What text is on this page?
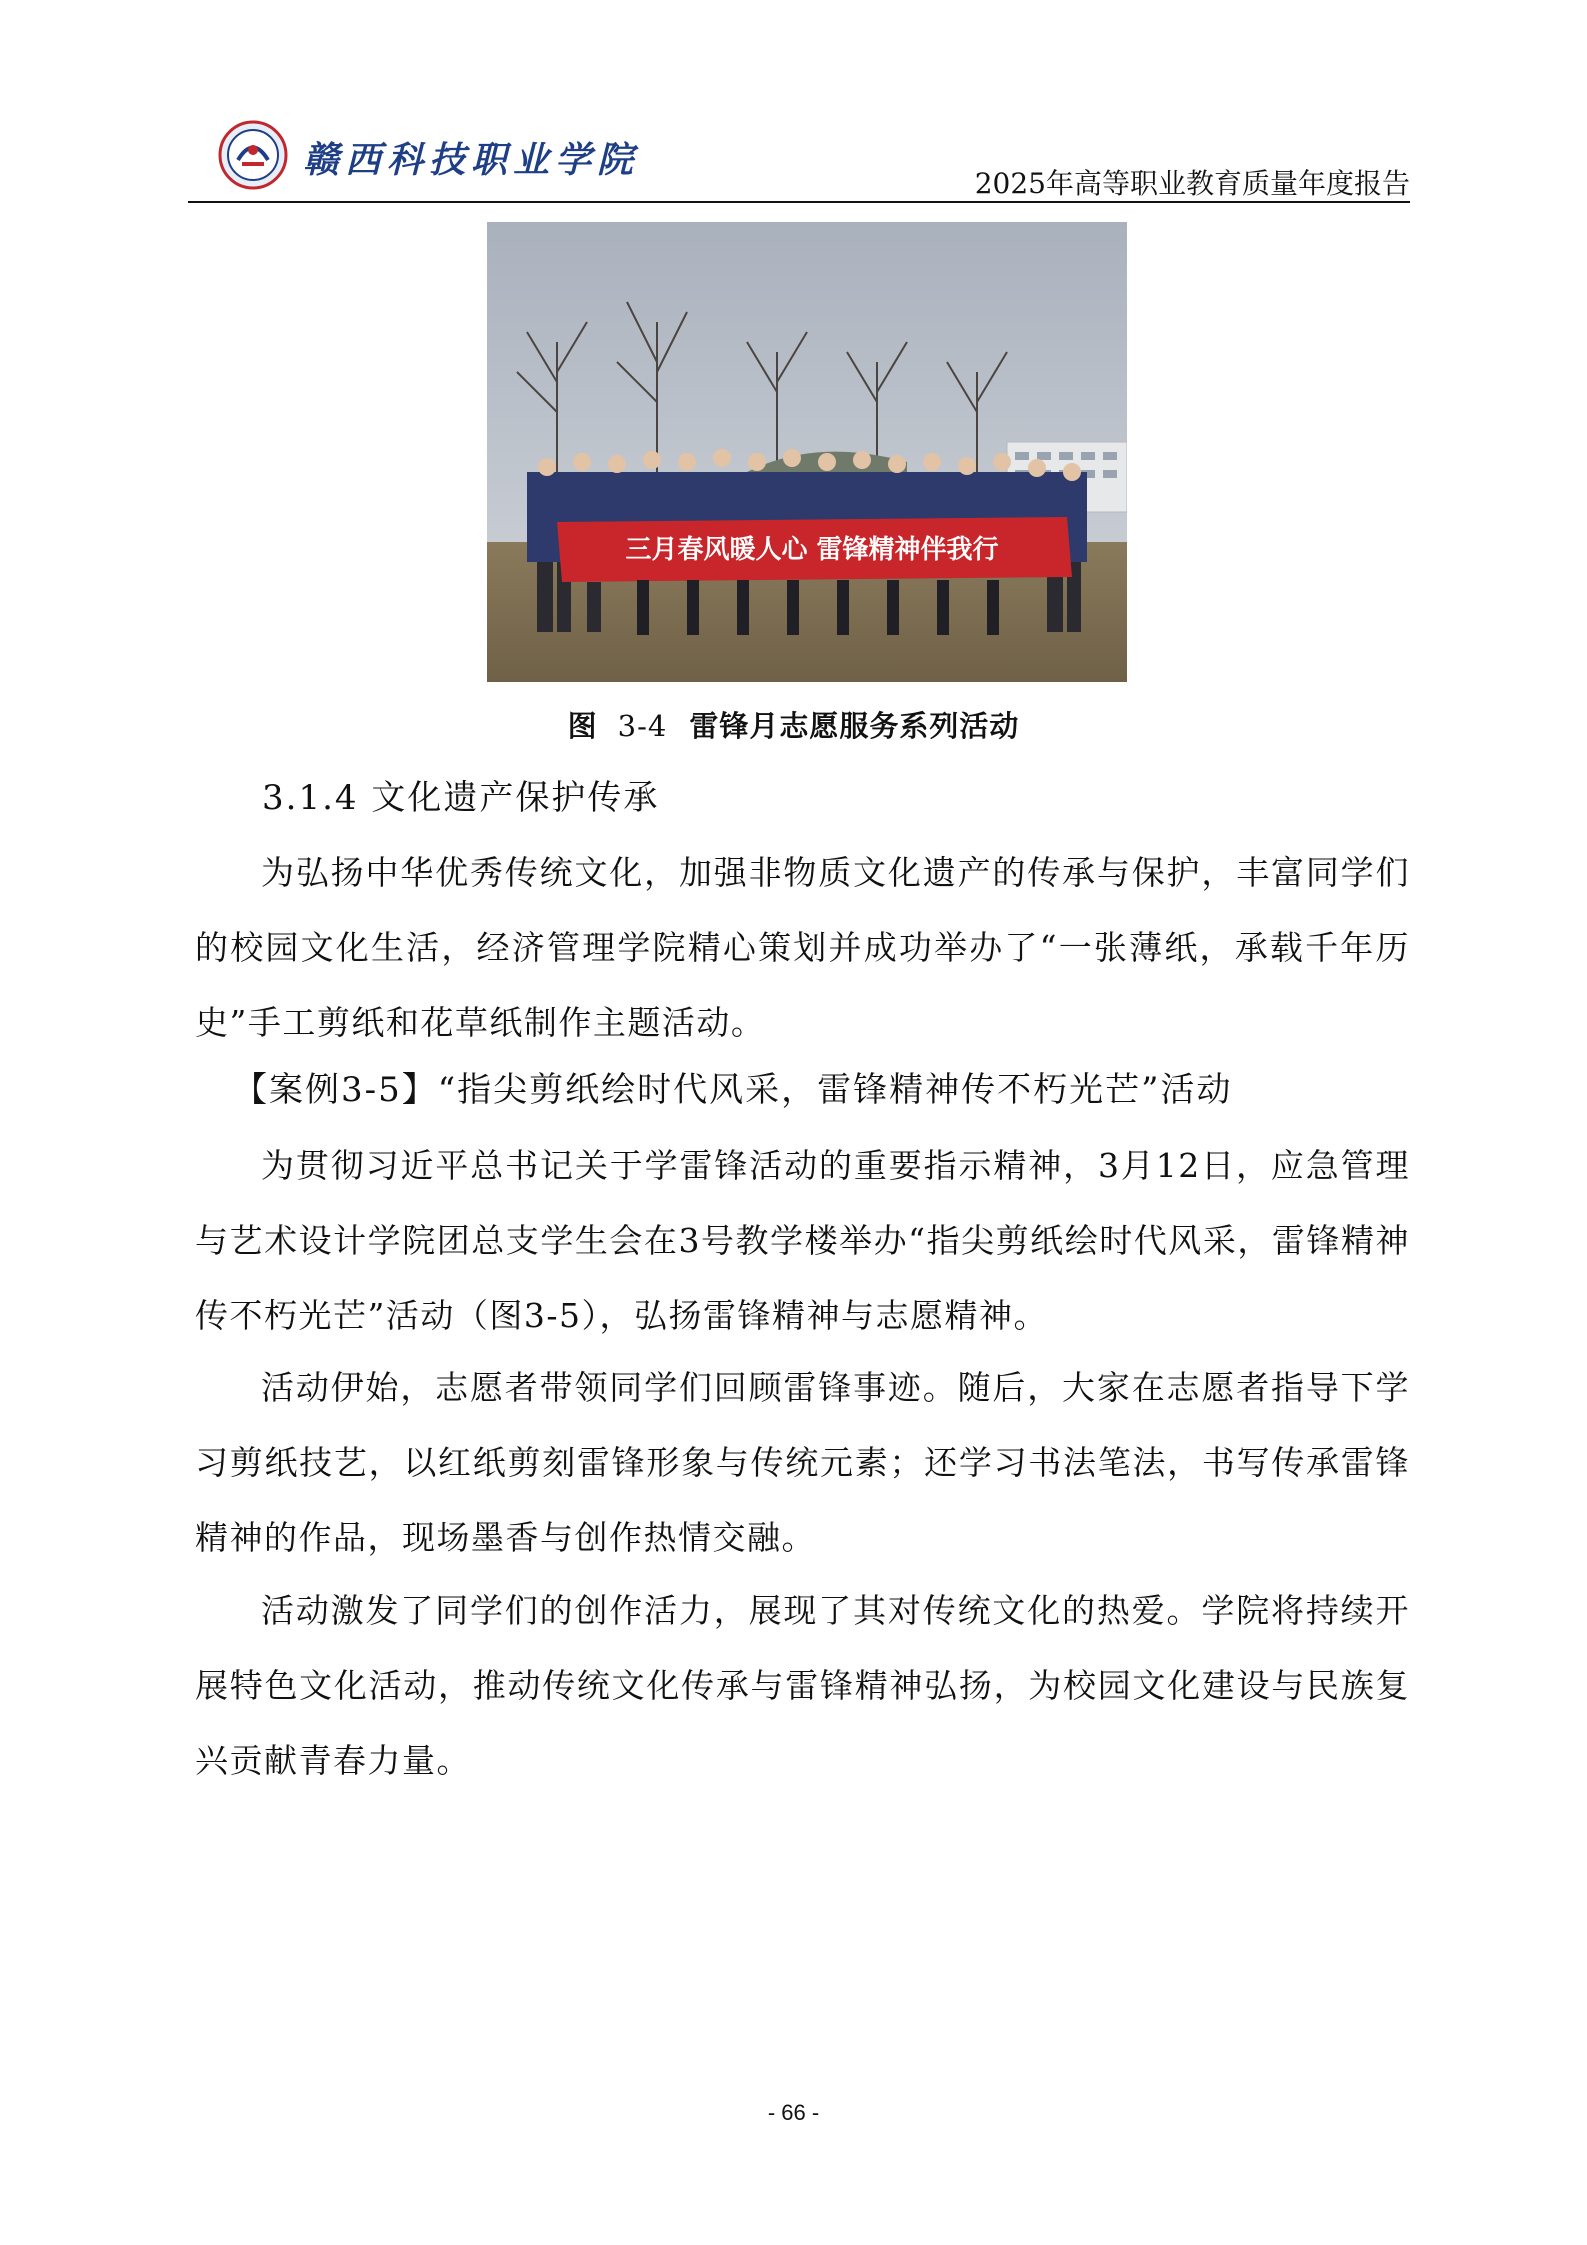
赣西科技职业学院
2025年高等职业教育质量年度报告
三月春风暖人心 雷锋精神伴我行
图 3-4 雷锋月志愿服务系列活动
3.1.4 文化遗产保护传承

为弘扬中华优秀传统文化，加强非物质文化遗产的传承与保护，丰富同学们的校园文化生活，经济管理学院精心策划并成功举办了“一张薄纸，承载千年历史”手工剪纸和花草纸制作主题活动。

【案例3-5】“指尖剪纸绘时代风采，雷锋精神传不朽光芒”活动

为贯彻习近平总书记关于学雷锋活动的重要指示精神，3月12日，应急管理与艺术设计学院团总支学生会在3号教学楼举办“指尖剪纸绘时代风采，雷锋精神传不朽光芒”活动（图3-5），弘扬雷锋精神与志愿精神。

活动伊始，志愿者带领同学们回顾雷锋事迹。随后，大家在志愿者指导下学习剪纸技艺，以红纸剪刻雷锋形象与传统元素；还学习书法笔法，书写传承雷锋精神的作品，现场墨香与创作热情交融。

活动激发了同学们的创作活力，展现了其对传统文化的热爱。学院将持续开展特色文化活动，推动传统文化传承与雷锋精神弘扬，为校园文化建设与民族复兴贡献青春力量。

- 66 -
